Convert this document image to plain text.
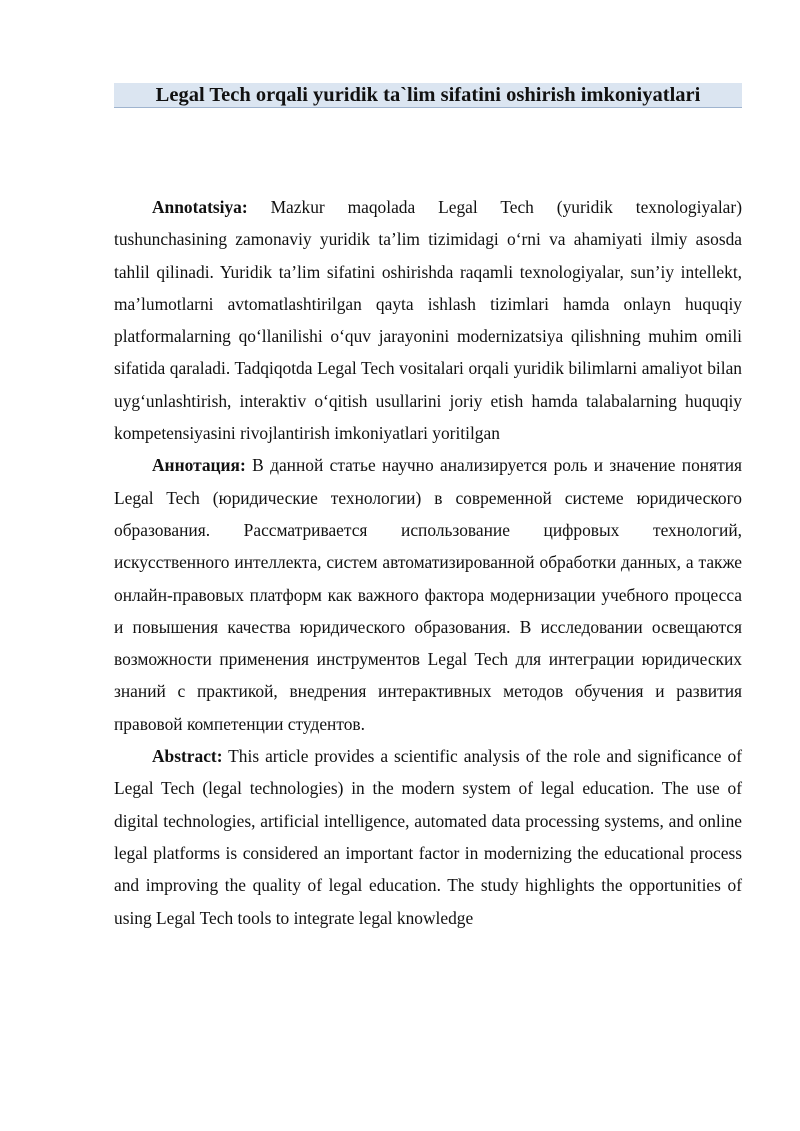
Legal Tech orqali yuridik ta`lim sifatini oshirish imkoniyatlari

Annotatsiya: Mazkur maqolada Legal Tech (yuridik texnologiyalar) tushunchasining zamonaviy yuridik ta’lim tizimidagi o‘rni va ahamiyati ilmiy asosda tahlil qilinadi. Yuridik ta’lim sifatini oshirishda raqamli texnologiyalar, sun’iy intellekt, ma’lumotlarni avtomatlashtirilgan qayta ishlash tizimlari hamda onlayn huquqiy platformalarning qo‘llanilishi o‘quv jarayonini modernizatsiya qilishning muhim omili sifatida qaraladi. Tadqiqotda Legal Tech vositalari orqali yuridik bilimlarni amaliyot bilan uyg‘unlashtirish, interaktiv o‘qitish usullarini joriy etish hamda talabalarning huquqiy kompetensiyasini rivojlantirish imkoniyatlari yoritilgan

Аннотация: В данной статье научно анализируется роль и значение понятия Legal Tech (юридические технологии) в современной системе юридического образования. Рассматривается использование цифровых технологий, искусственного интеллекта, систем автоматизированной обработки данных, а также онлайн-правовых платформ как важного фактора модернизации учебного процесса и повышения качества юридического образования. В исследовании освещаются возможности применения инструментов Legal Tech для интеграции юридических знаний с практикой, внедрения интерактивных методов обучения и развития правовой компетенции студентов.

Abstract: This article provides a scientific analysis of the role and significance of Legal Tech (legal technologies) in the modern system of legal education. The use of digital technologies, artificial intelligence, automated data processing systems, and online legal platforms is considered an important factor in modernizing the educational process and improving the quality of legal education. The study highlights the opportunities of using Legal Tech tools to integrate legal knowledge
